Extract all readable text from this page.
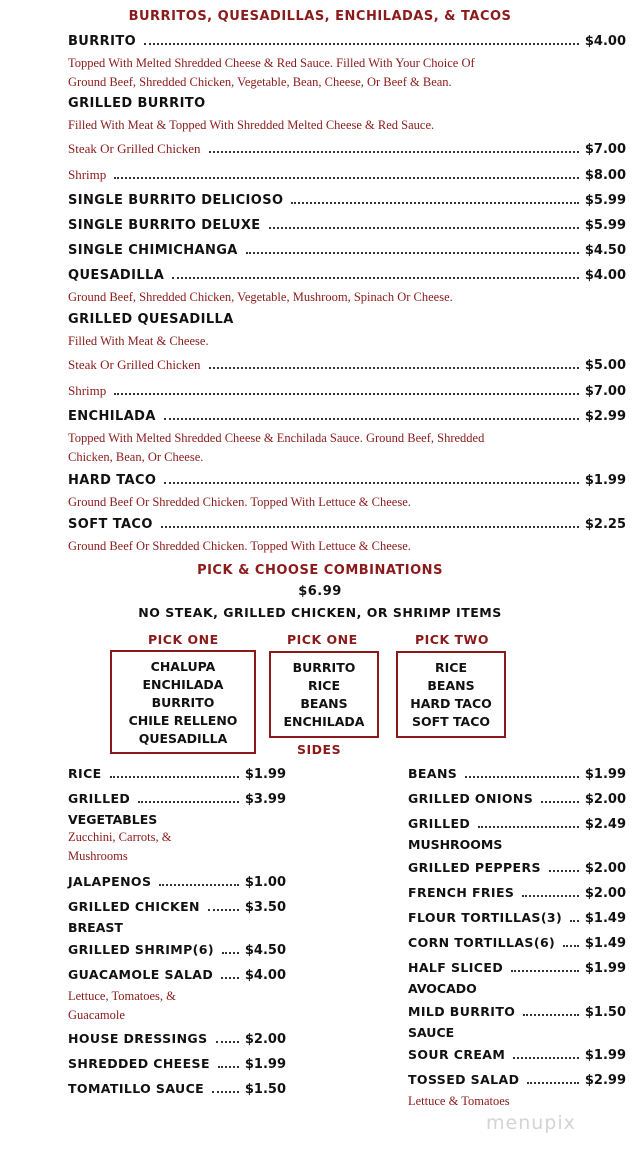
BURRITOS, QUESADILLAS, ENCHILADAS, & TACOS
BURRITO	$4.00
Topped With Melted Shredded Cheese & Red Sauce. Filled With Your Choice Of
Ground Beef, Shredded Chicken, Vegetable, Bean, Cheese, Or Beef & Bean.
GRILLED BURRITO
Filled With Meat & Topped With Shredded Melted Cheese & Red Sauce.
Steak Or Grilled Chicken	$7.00
Shrimp	$8.00
SINGLE BURRITO DELICIOSO	$5.99
SINGLE BURRITO DELUXE	$5.99
SINGLE CHIMICHANGA	$4.50
QUESADILLA	$4.00
Ground Beef, Shredded Chicken, Vegetable, Mushroom, Spinach Or Cheese.
GRILLED QUESADILLA
Filled With Meat & Cheese.
Steak Or Grilled Chicken	$5.00
Shrimp	$7.00
ENCHILADA	$2.99
Topped With Melted Shredded Cheese & Enchilada Sauce. Ground Beef, Shredded
Chicken, Bean, Or Cheese.
HARD TACO	$1.99
Ground Beef Or Shredded Chicken. Topped With Lettuce & Cheese.
SOFT TACO	$2.25
Ground Beef Or Shredded Chicken. Topped With Lettuce & Cheese.
PICK & CHOOSE COMBINATIONS
$6.99
NO STEAK, GRILLED CHICKEN, OR SHRIMP ITEMS
PICK ONE	PICK ONE	PICK TWO
CHALUPA
ENCHILADA
BURRITO
CHILE RELLENO
QUESADILLA
BURRITO
RICE
BEANS
ENCHILADA
RICE
BEANS
HARD TACO
SOFT TACO
SIDES
RICE	$1.99
GRILLED	$3.99
VEGETABLES
Zucchini, Carrots, &
Mushrooms
JALAPENOS	$1.00
GRILLED CHICKEN	$3.50
BREAST
GRILLED SHRIMP(6) $4.50
GUACAMOLE SALAD $4.00
Lettuce, Tomatoes, &
Guacamole
HOUSE DRESSINGS	$2.00
SHREDDED CHEESE	$1.99
TOMATILLO SAUCE	$1.50
BEANS	$1.99
GRILLED ONIONS	$2.00
GRILLED	$2.49
MUSHROOMS
GRILLED PEPPERS	$2.00
FRENCH FRIES	$2.00
FLOUR TORTILLAS(3) $1.49
CORN TORTILLAS(6) $1.49
HALF SLICED	$1.99
AVOCADO
MILD BURRITO	$1.50
SAUCE
SOUR CREAM	$1.99
TOSSED SALAD	$2.99
Lettuce & Tomatoes
menupix
